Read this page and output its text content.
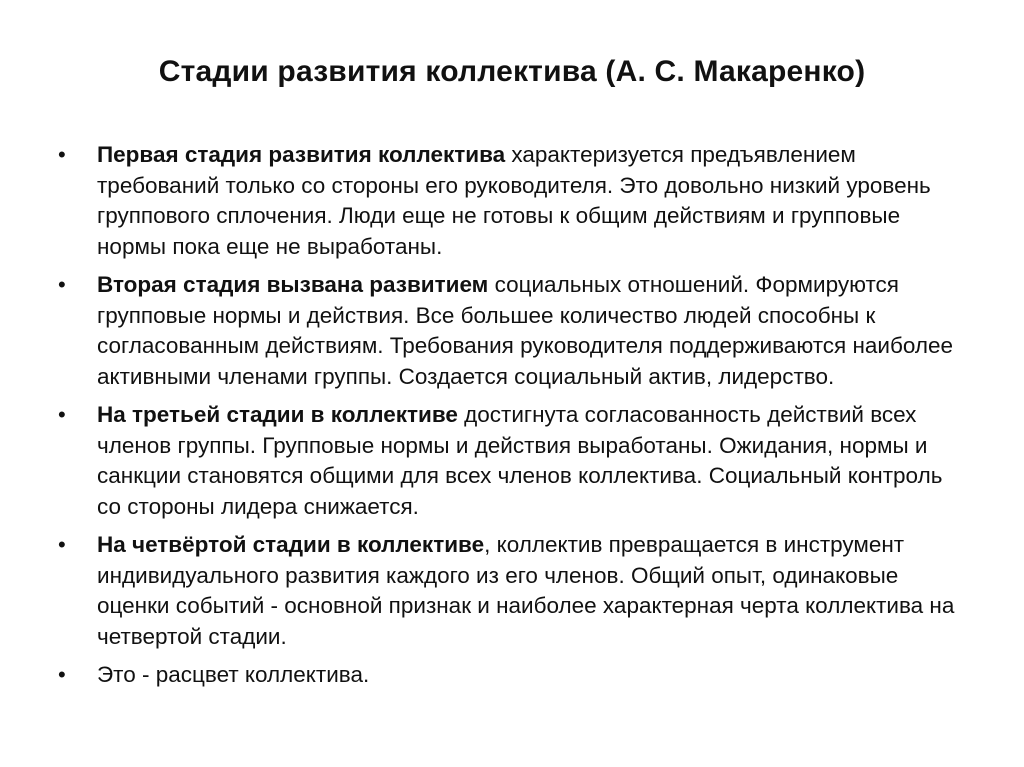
Стадии развития коллектива (А. С. Макаренко)
• Первая стадия развития коллектива характеризуется предъявлением требований только со стороны его руководителя. Это довольно низкий уровень группового сплочения. Люди еще не готовы к общим действиям и групповые нормы пока еще не выработаны.
• Вторая стадия вызвана развитием социальных отношений. Формируются групповые нормы и действия. Все большее количество людей способны к согласованным действиям. Требования руководителя поддерживаются наиболее активными членами группы. Создается социальный актив, лидерство.
• На третьей стадии в коллективе достигнута согласованность действий всех членов группы. Групповые нормы и действия выработаны. Ожидания, нормы и санкции становятся общими для всех членов коллектива. Социальный контроль со стороны лидера снижается.
• На четвёртой стадии в коллективе, коллектив превращается в инструмент индивидуального развития каждого из его членов. Общий опыт, одинаковые оценки событий - основной признак и наиболее характерная черта коллектива на четвертой стадии.
• Это - расцвет коллектива.
